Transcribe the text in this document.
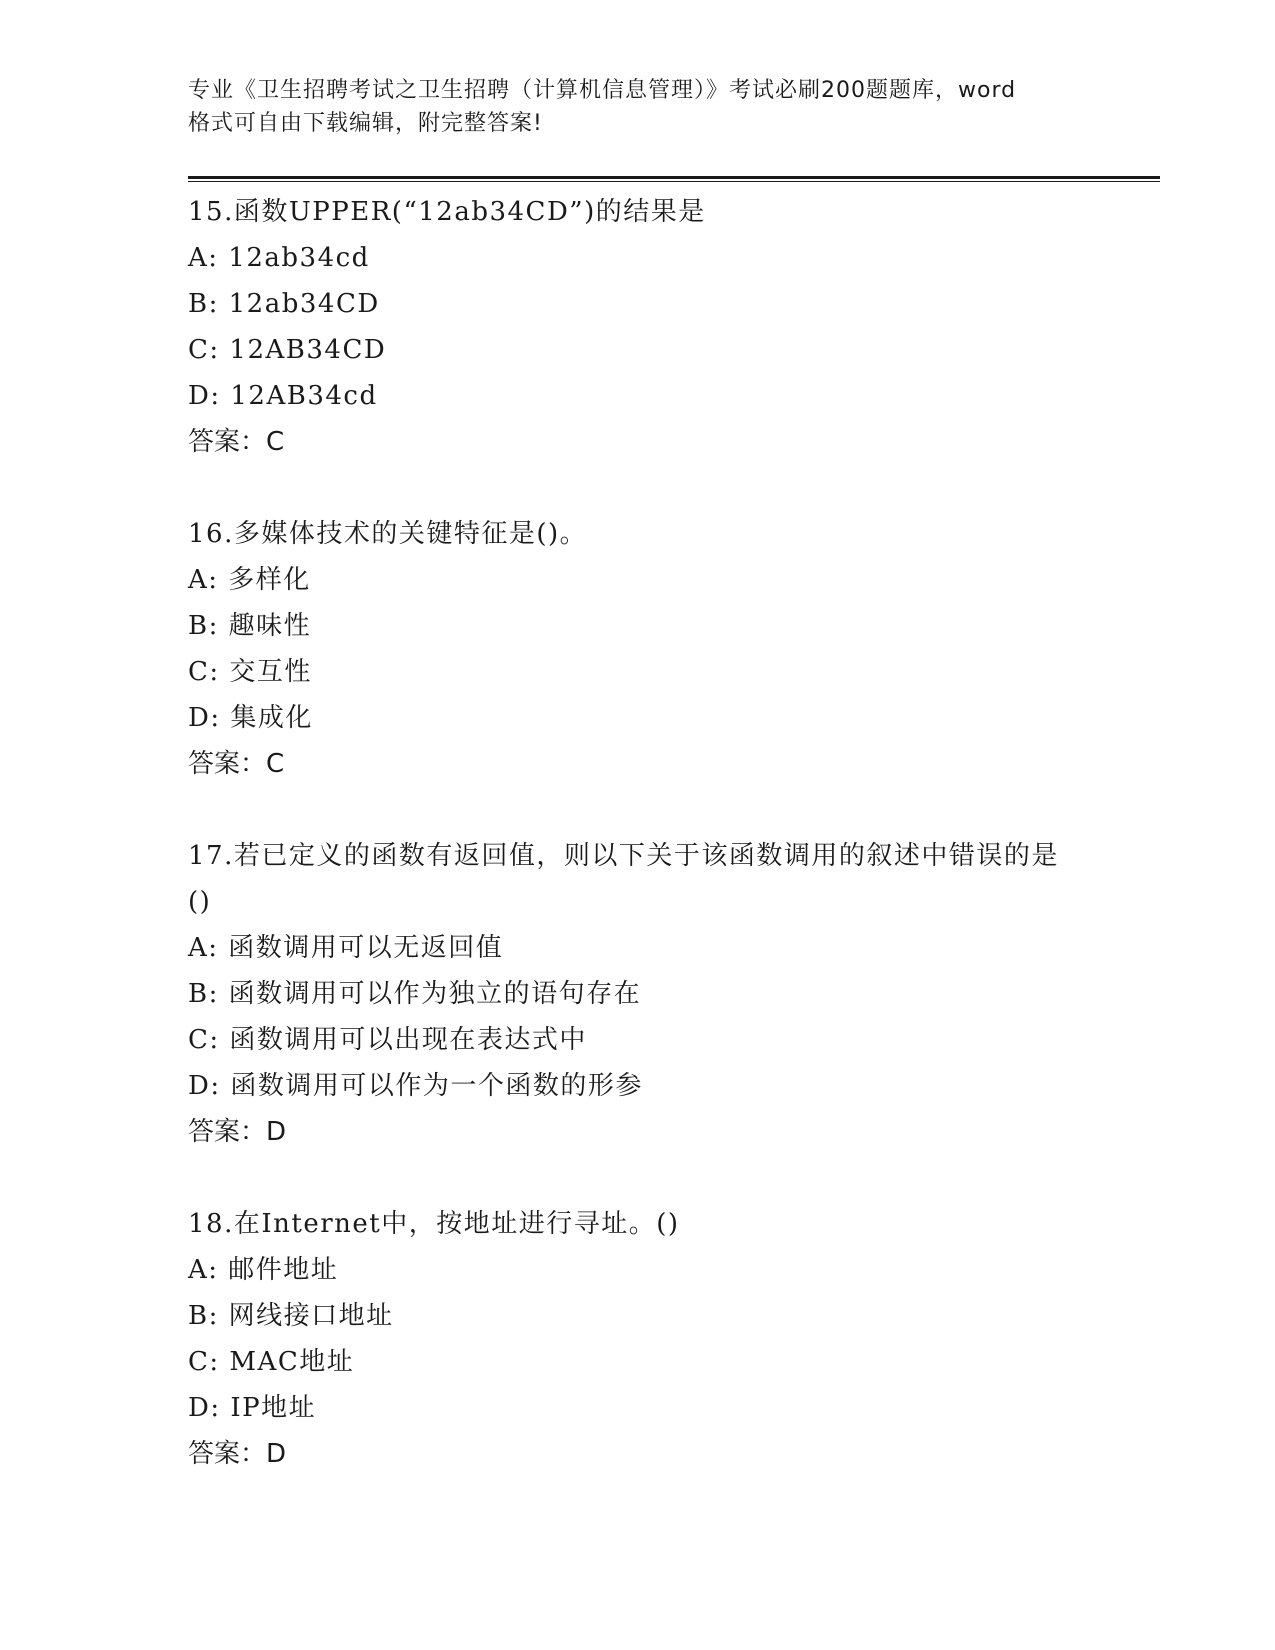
专业《卫生招聘考试之卫生招聘（计算机信息管理）》考试必刷200题题库，word
格式可自由下载编辑，附完整答案!
15.函数UPPER(“12ab34CD”)的结果是
A: 12ab34cd
B: 12ab34CD
C: 12AB34CD
D: 12AB34cd
答案：C
16.多媒体技术的关键特征是()。
A: 多样化
B: 趣味性
C: 交互性
D: 集成化
答案：C
17.若已定义的函数有返回值，则以下关于该函数调用的叙述中错误的是()
A: 函数调用可以无返回值
B: 函数调用可以作为独立的语句存在
C: 函数调用可以出现在表达式中
D: 函数调用可以作为一个函数的形参
答案：D
18.在Internet中，按地址进行寻址。()
A: 邮件地址
B: 网线接口地址
C: MAC地址
D: IP地址
答案：D
